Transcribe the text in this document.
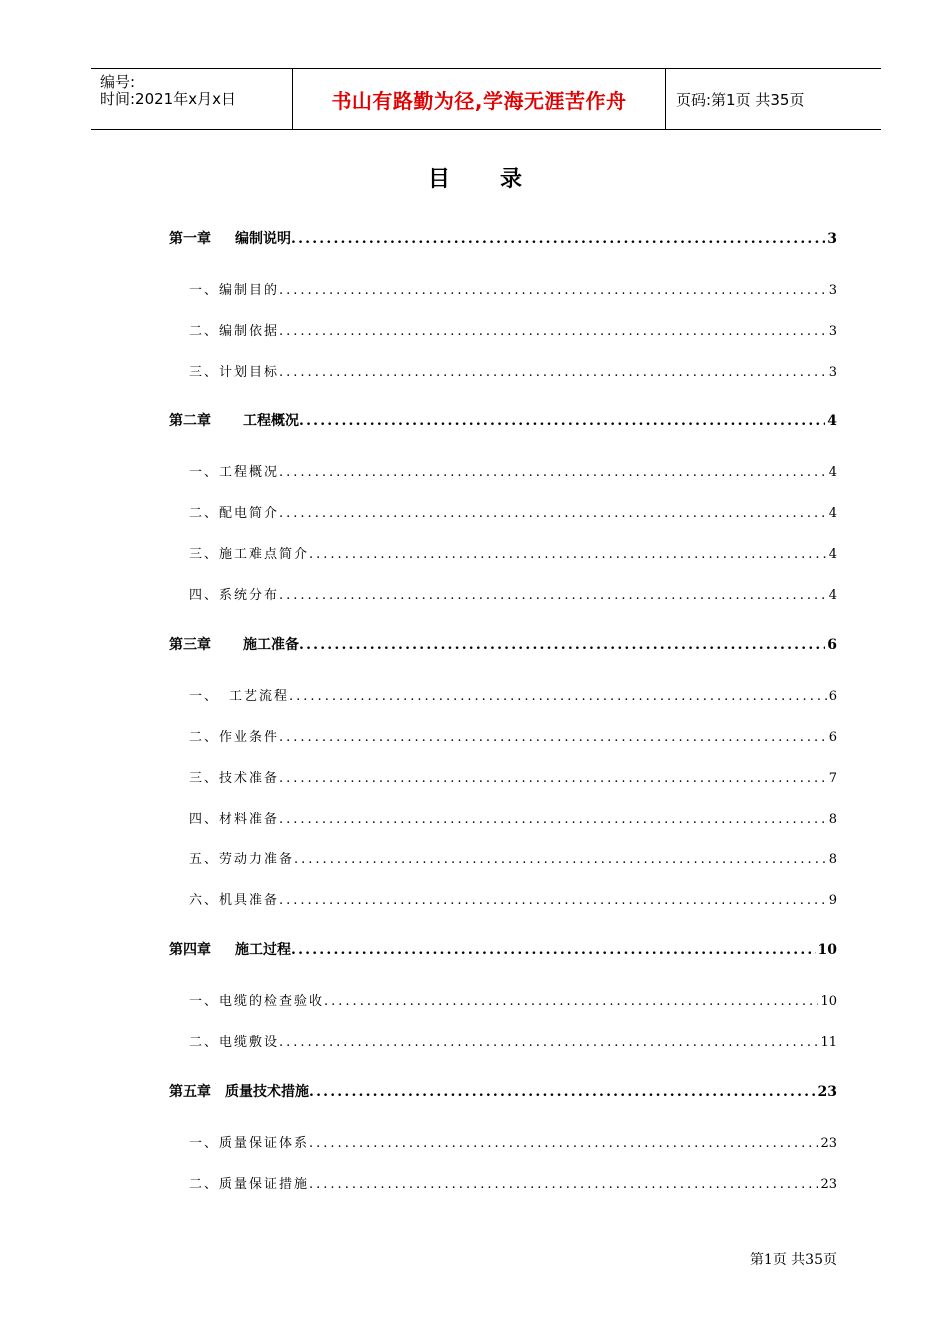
编号:
时间:2021年x月x日	书山有路勤为径,学海无涯苦作舟	页码:第1页 共35页
目 录
第一章 编制说明 .....	3
一、 编制目的 .....	3
二、 编制依据 .....	3
三、 计划目标 .....	3
第二章 工程概况 .....	4
一、 工程概况 .....	4
二、 配电简介 .....	4
三、 施工难点简介 .....	4
四、 系统分布 .....	4
第三章 施工准备 .....	6
一、 工艺流程 .....	6
二、 作业条件 .....	6
三、 技术准备 .....	7
四、 材料准备 .....	8
五、 劳动力准备 .....	8
六、 机具准备 .....	9
第四章 施工过程 .....	10
一、 电缆的检查验收 .....	10
二、 电缆敷设 .....	11
第五章 质量技术措施 .....	23
一、 质量保证体系 .....	23
二、 质量保证措施 .....	23
第1页 共35页
